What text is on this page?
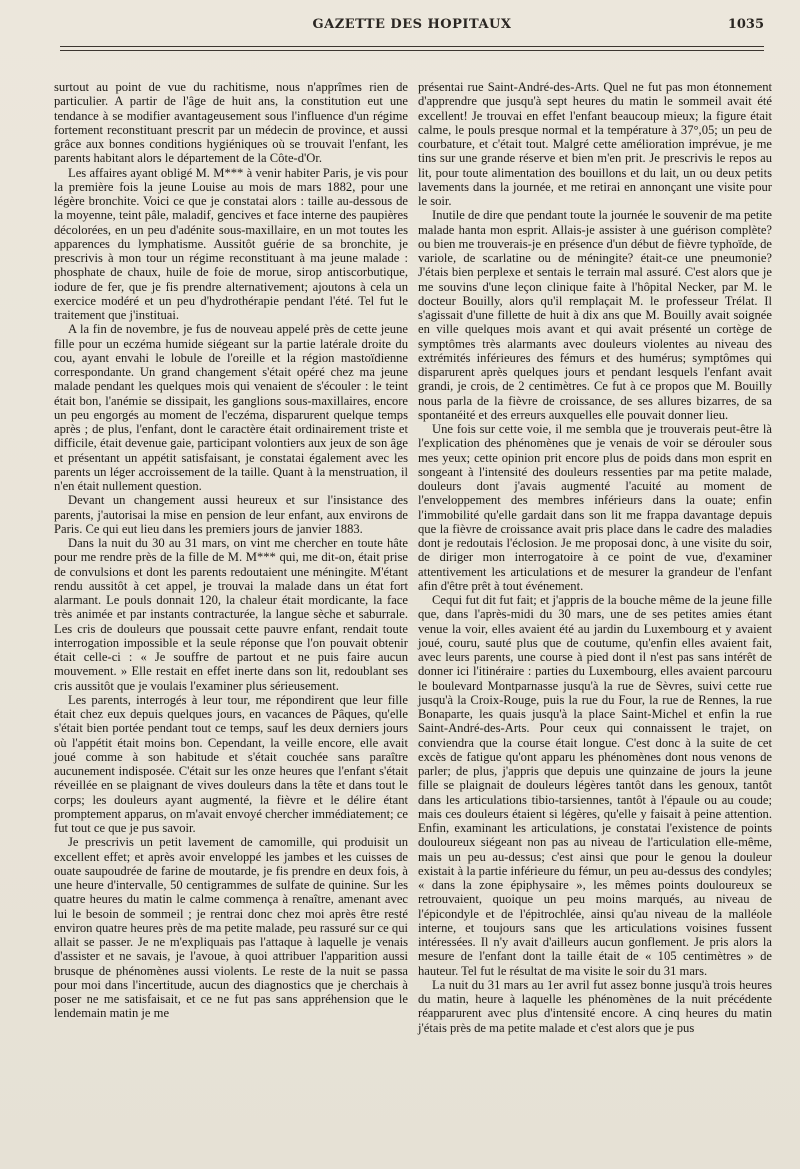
GAZETTE DES HOPITAUX	1035

surtout au point de vue du rachitisme, nous n'apprîmes rien de particulier. A partir de l'âge de huit ans, la constitution eut une tendance à se modifier avantageusement sous l'influence d'un régime fortement reconstituant prescrit par un médecin de province, et aussi grâce aux bonnes conditions hygiéniques où se trouvait l'enfant, les parents habitant alors le département de la Côte-d'Or.

Les affaires ayant obligé M. M*** à venir habiter Paris, je vis pour la première fois la jeune Louise au mois de mars 1882, pour une légère bronchite. Voici ce que je constatai alors : taille au-dessous de la moyenne, teint pâle, maladif, gencives et face interne des paupières décolorées, en un peu d'adénite sous-maxillaire, en un mot toutes les apparences du lymphatisme. Aussitôt guérie de sa bronchite, je prescrivis à mon tour un régime reconstituant à ma jeune malade : phosphate de chaux, huile de foie de morue, sirop antiscorbutique, iodure de fer, que je fis prendre alternativement; ajoutons à cela un exercice modéré et un peu d'hydrothérapie pendant l'été. Tel fut le traitement que j'instituai.

A la fin de novembre, je fus de nouveau appelé près de cette jeune fille pour un eczéma humide siégeant sur la partie latérale droite du cou, ayant envahi le lobule de l'oreille et la région mastoïdienne correspondante. Un grand changement s'était opéré chez ma jeune malade pendant les quelques mois qui venaient de s'écouler : le teint était bon, l'anémie se dissipait, les ganglions sous-maxillaires, encore un peu engorgés au moment de l'eczéma, disparurent quelque temps après ; de plus, l'enfant, dont le caractère était ordinairement triste et difficile, était devenue gaie, participant volontiers aux jeux de son âge et présentant un appétit satisfaisant, je constatai également avec les parents un léger accroissement de la taille. Quant à la menstruation, il n'en était nullement question.

Devant un changement aussi heureux et sur l'insistance des parents, j'autorisai la mise en pension de leur enfant, aux environs de Paris. Ce qui eut lieu dans les premiers jours de janvier 1883.

Dans la nuit du 30 au 31 mars, on vint me chercher en toute hâte pour me rendre près de la fille de M. M*** qui, me dit-on, était prise de convulsions et dont les parents redoutaient une méningite. M'étant rendu aussitôt à cet appel, je trouvai la malade dans un état fort alarmant. Le pouls donnait 120, la chaleur était mordicante, la face très animée et par instants contracturée, la langue sèche et saburrale. Les cris de douleurs que poussait cette pauvre enfant, rendait toute interrogation impossible et la seule réponse que l'on pouvait obtenir était celle-ci : « Je souffre de partout et ne puis faire aucun mouvement. » Elle restait en effet inerte dans son lit, redoublant ses cris aussitôt que je voulais l'examiner plus sérieusement.

Les parents, interrogés à leur tour, me répondirent que leur fille était chez eux depuis quelques jours, en vacances de Pâques, qu'elle s'était bien portée pendant tout ce temps, sauf les deux derniers jours où l'appétit était moins bon. Cependant, la veille encore, elle avait joué comme à son habitude et s'était couchée sans paraître aucunement indisposée. C'était sur les onze heures que l'enfant s'était réveillée en se plaignant de vives douleurs dans la tête et dans tout le corps; les douleurs ayant augmenté, la fièvre et le délire étant promptement apparus, on m'avait envoyé chercher immédiatement; ce fut tout ce que je pus savoir.

Je prescrivis un petit lavement de camomille, qui produisit un excellent effet; et après avoir enveloppé les jambes et les cuisses de ouate saupoudrée de farine de moutarde, je fis prendre en deux fois, à une heure d'intervalle, 50 centigrammes de sulfate de quinine. Sur les quatre heures du matin le calme commença à renaître, amenant avec lui le besoin de sommeil ; je rentrai donc chez moi après être resté environ quatre heures près de ma petite malade, peu rassuré sur ce qui allait se passer. Je ne m'expliquais pas l'attaque à laquelle je venais d'assister et ne savais, je l'avoue, à quoi attribuer l'apparition aussi brusque de phénomènes aussi violents. Le reste de la nuit se passa pour moi dans l'incertitude, aucun des diagnostics que je cherchais à poser ne me satisfaisait, et ce ne fut pas sans appréhension que le lendemain matin je me

présentai rue Saint-André-des-Arts. Quel ne fut pas mon étonnement d'apprendre que jusqu'à sept heures du matin le sommeil avait été excellent! Je trouvai en effet l'enfant beaucoup mieux; la figure était calme, le pouls presque normal et la température à 37°,05; un peu de courbature, et c'était tout. Malgré cette amélioration imprévue, je me tins sur une grande réserve et bien m'en prit. Je prescrivis le repos au lit, pour toute alimentation des bouillons et du lait, un ou deux petits lavements dans la journée, et me retirai en annonçant une visite pour le soir.

Inutile de dire que pendant toute la journée le souvenir de ma petite malade hanta mon esprit. Allais-je assister à une guérison complète? ou bien me trouverais-je en présence d'un début de fièvre typhoïde, de variole, de scarlatine ou de méningite? était-ce une pneumonie? J'étais bien perplexe et sentais le terrain mal assuré. C'est alors que je me souvins d'une leçon clinique faite à l'hôpital Necker, par M. le docteur Bouilly, alors qu'il remplaçait M. le professeur Trélat. Il s'agissait d'une fillette de huit à dix ans que M. Bouilly avait soignée en ville quelques mois avant et qui avait présenté un cortège de symptômes très alarmants avec douleurs violentes au niveau des extrémités inférieures des fémurs et des humérus; symptômes qui disparurent après quelques jours et pendant lesquels l'enfant avait grandi, je crois, de 2 centimètres. Ce fut à ce propos que M. Bouilly nous parla de la fièvre de croissance, de ses allures bizarres, de sa spontanéité et des erreurs auxquelles elle pouvait donner lieu.

Une fois sur cette voie, il me sembla que je trouverais peut-être là l'explication des phénomènes que je venais de voir se dérouler sous mes yeux; cette opinion prit encore plus de poids dans mon esprit en songeant à l'intensité des douleurs ressenties par ma petite malade, douleurs dont j'avais augmenté l'acuité au moment de l'enveloppement des membres inférieurs dans la ouate; enfin l'immobilité qu'elle gardait dans son lit me frappa davantage depuis que la fièvre de croissance avait pris place dans le cadre des maladies dont je redoutais l'éclosion. Je me proposai donc, à une visite du soir, de diriger mon interrogatoire à ce point de vue, d'examiner attentivement les articulations et de mesurer la grandeur de l'enfant afin d'être prêt à tout événement.

Cequi fut dit fut fait; et j'appris de la bouche même de la jeune fille que, dans l'après-midi du 30 mars, une de ses petites amies étant venue la voir, elles avaient été au jardin du Luxembourg et y avaient joué, couru, sauté plus que de coutume, qu'enfin elles avaient fait, avec leurs parents, une course à pied dont il n'est pas sans intérêt de donner ici l'itinéraire : parties du Luxembourg, elles avaient parcouru le boulevard Montparnasse jusqu'à la rue de Sèvres, suivi cette rue jusqu'à la Croix-Rouge, puis la rue du Four, la rue de Rennes, la rue Bonaparte, les quais jusqu'à la place Saint-Michel et enfin la rue Saint-André-des-Arts. Pour ceux qui connaissent le trajet, on conviendra que la course était longue. C'est donc à la suite de cet excès de fatigue qu'ont apparu les phénomènes dont nous venons de parler; de plus, j'appris que depuis une quinzaine de jours la jeune fille se plaignait de douleurs légères tantôt dans les genoux, tantôt dans les articulations tibio-tarsiennes, tantôt à l'épaule ou au coude; mais ces douleurs étaient si légères, qu'elle y faisait à peine attention. Enfin, examinant les articulations, je constatai l'existence de points douloureux siégeant non pas au niveau de l'articulation elle-même, mais un peu au-dessus; c'est ainsi que pour le genou la douleur existait à la partie inférieure du fémur, un peu au-dessus des condyles; « dans la zone épiphysaire », les mêmes points douloureux se retrouvaient, quoique un peu moins marqués, au niveau de l'épicondyle et de l'épitrochlée, ainsi qu'au niveau de la malléole interne, et toujours sans que les articulations voisines fussent intéressées. Il n'y avait d'ailleurs aucun gonflement. Je pris alors la mesure de l'enfant dont la taille était de « 105 centimètres » de hauteur. Tel fut le résultat de ma visite le soir du 31 mars.

La nuit du 31 mars au 1er avril fut assez bonne jusqu'à trois heures du matin, heure à laquelle les phénomènes de la nuit précédente réapparurent avec plus d'intensité encore. A cinq heures du matin j'étais près de ma petite malade et c'est alors que je pus
